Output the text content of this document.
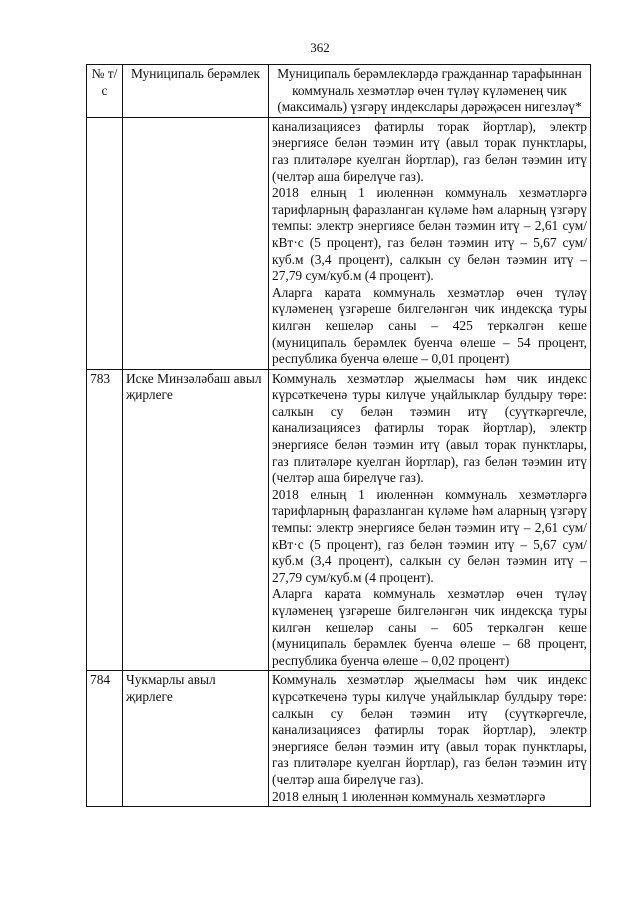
362
№ т/с	Муниципаль берәмлек	Муниципаль берәмлекләрдә гражданнар тарафыннан коммуналь хезмәтләр өчен түләү күләменең чик (максималь) үзгәрү индекслары дәрәҗәсен нигезләү*

		канализациясез фатирлы торак йортлар), электр энергиясе белән тәэмин итү (авыл торак пунктлары, газ плитәләре куелган йортлар), газ белән тәэмин итү (челтәр аша бирелүче газ).
2018 елның 1 июленнән коммуналь хезмәтләргә тарифларның фаразланган күләме һәм аларның үзгәрү темпы: электр энергиясе белән тәэмин итү – 2,61 сум/кВт·с (5 процент), газ белән тәэмин итү – 5,67 сум/куб.м (3,4 процент), салкын су белән тәэмин итү – 27,79 сум/куб.м (4 процент).
Аларга карата коммуналь хезмәтләр өчен түләү күләменең үзгәреше билгеләнгән чик индексқа туры килгән кешеләр саны – 425 теркәлгән кеше (муниципаль берәмлек буенча өлеше – 54 процент, республика буенча өлеше – 0,01 процент)

783	Иске Минзәләбаш авыл җирлеге	Коммуналь хезмәтләр җыелмасы һәм чик индекс күрсәткеченә туры килүче уңайлыклар булдыру төре: салкын су белән тәэмин итү (суүткәргечле, канализациясез фатирлы торак йортлар), электр энергиясе белән тәэмин итү (авыл торак пунктлары, газ плитәләре куелган йортлар), газ белән тәэмин итү (челтәр аша бирелүче газ).
2018 елның 1 июленнән коммуналь хезмәтләргә тарифларның фаразланган күләме һәм аларның үзгәрү темпы: электр энергиясе белән тәэмин итү – 2,61 сум/кВт·с (5 процент), газ белән тәэмин итү – 5,67 сум/куб.м (3,4 процент), салкын су белән тәэмин итү – 27,79 сум/куб.м (4 процент).
Аларга карата коммуналь хезмәтләр өчен түләү күләменең үзгәреше билгеләнгән чик индексқа туры килгән кешеләр саны – 605 теркәлгән кеше (муниципаль берәмлек буенча өлеше – 68 процент, республика буенча өлеше – 0,02 процент)

784	Чукмарлы авыл җирлеге	Коммуналь хезмәтләр җыелмасы һәм чик индекс күрсәткеченә туры килүче уңайлыклар булдыру төре: салкын су белән тәэмин итү (суүткәргечле, канализациясез фатирлы торак йортлар), электр энергиясе белән тәэмин итү (авыл торак пунктлары, газ плитәләре куелган йортлар), газ белән тәэмин итү (челтәр аша бирелүче газ).
2018 елның 1 июленнән коммуналь хезмәтләргә
